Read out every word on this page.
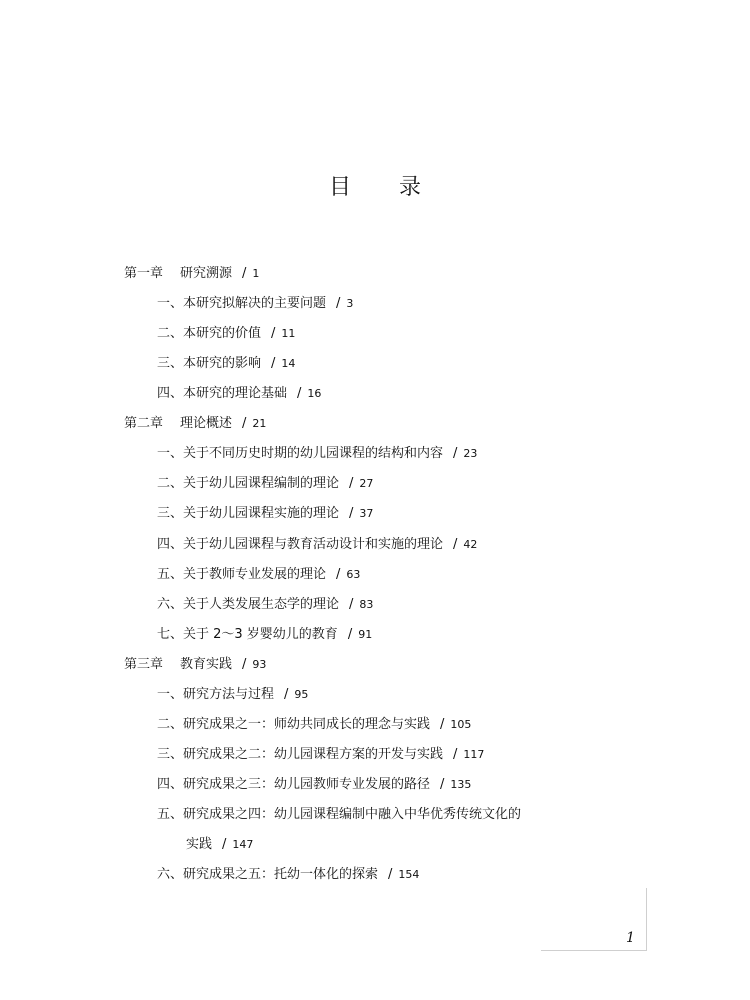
目 录
第一章 研究溯源 / 1
一、本研究拟解决的主要问题 / 3
二、本研究的价值 / 11
三、本研究的影响 / 14
四、本研究的理论基础 / 16
第二章 理论概述 / 21
一、关于不同历史时期的幼儿园课程的结构和内容 / 23
二、关于幼儿园课程编制的理论 / 27
三、关于幼儿园课程实施的理论 / 37
四、关于幼儿园课程与教育活动设计和实施的理论 / 42
五、关于教师专业发展的理论 / 63
六、关于人类发展生态学的理论 / 83
七、关于 2～3 岁婴幼儿的教育 / 91
第三章 教育实践 / 93
一、研究方法与过程 / 95
二、研究成果之一：师幼共同成长的理念与实践 / 105
三、研究成果之二：幼儿园课程方案的开发与实践 / 117
四、研究成果之三：幼儿园教师专业发展的路径 / 135
五、研究成果之四：幼儿园课程编制中融入中华优秀传统文化的
实践 / 147
六、研究成果之五：托幼一体化的探索 / 154
1
